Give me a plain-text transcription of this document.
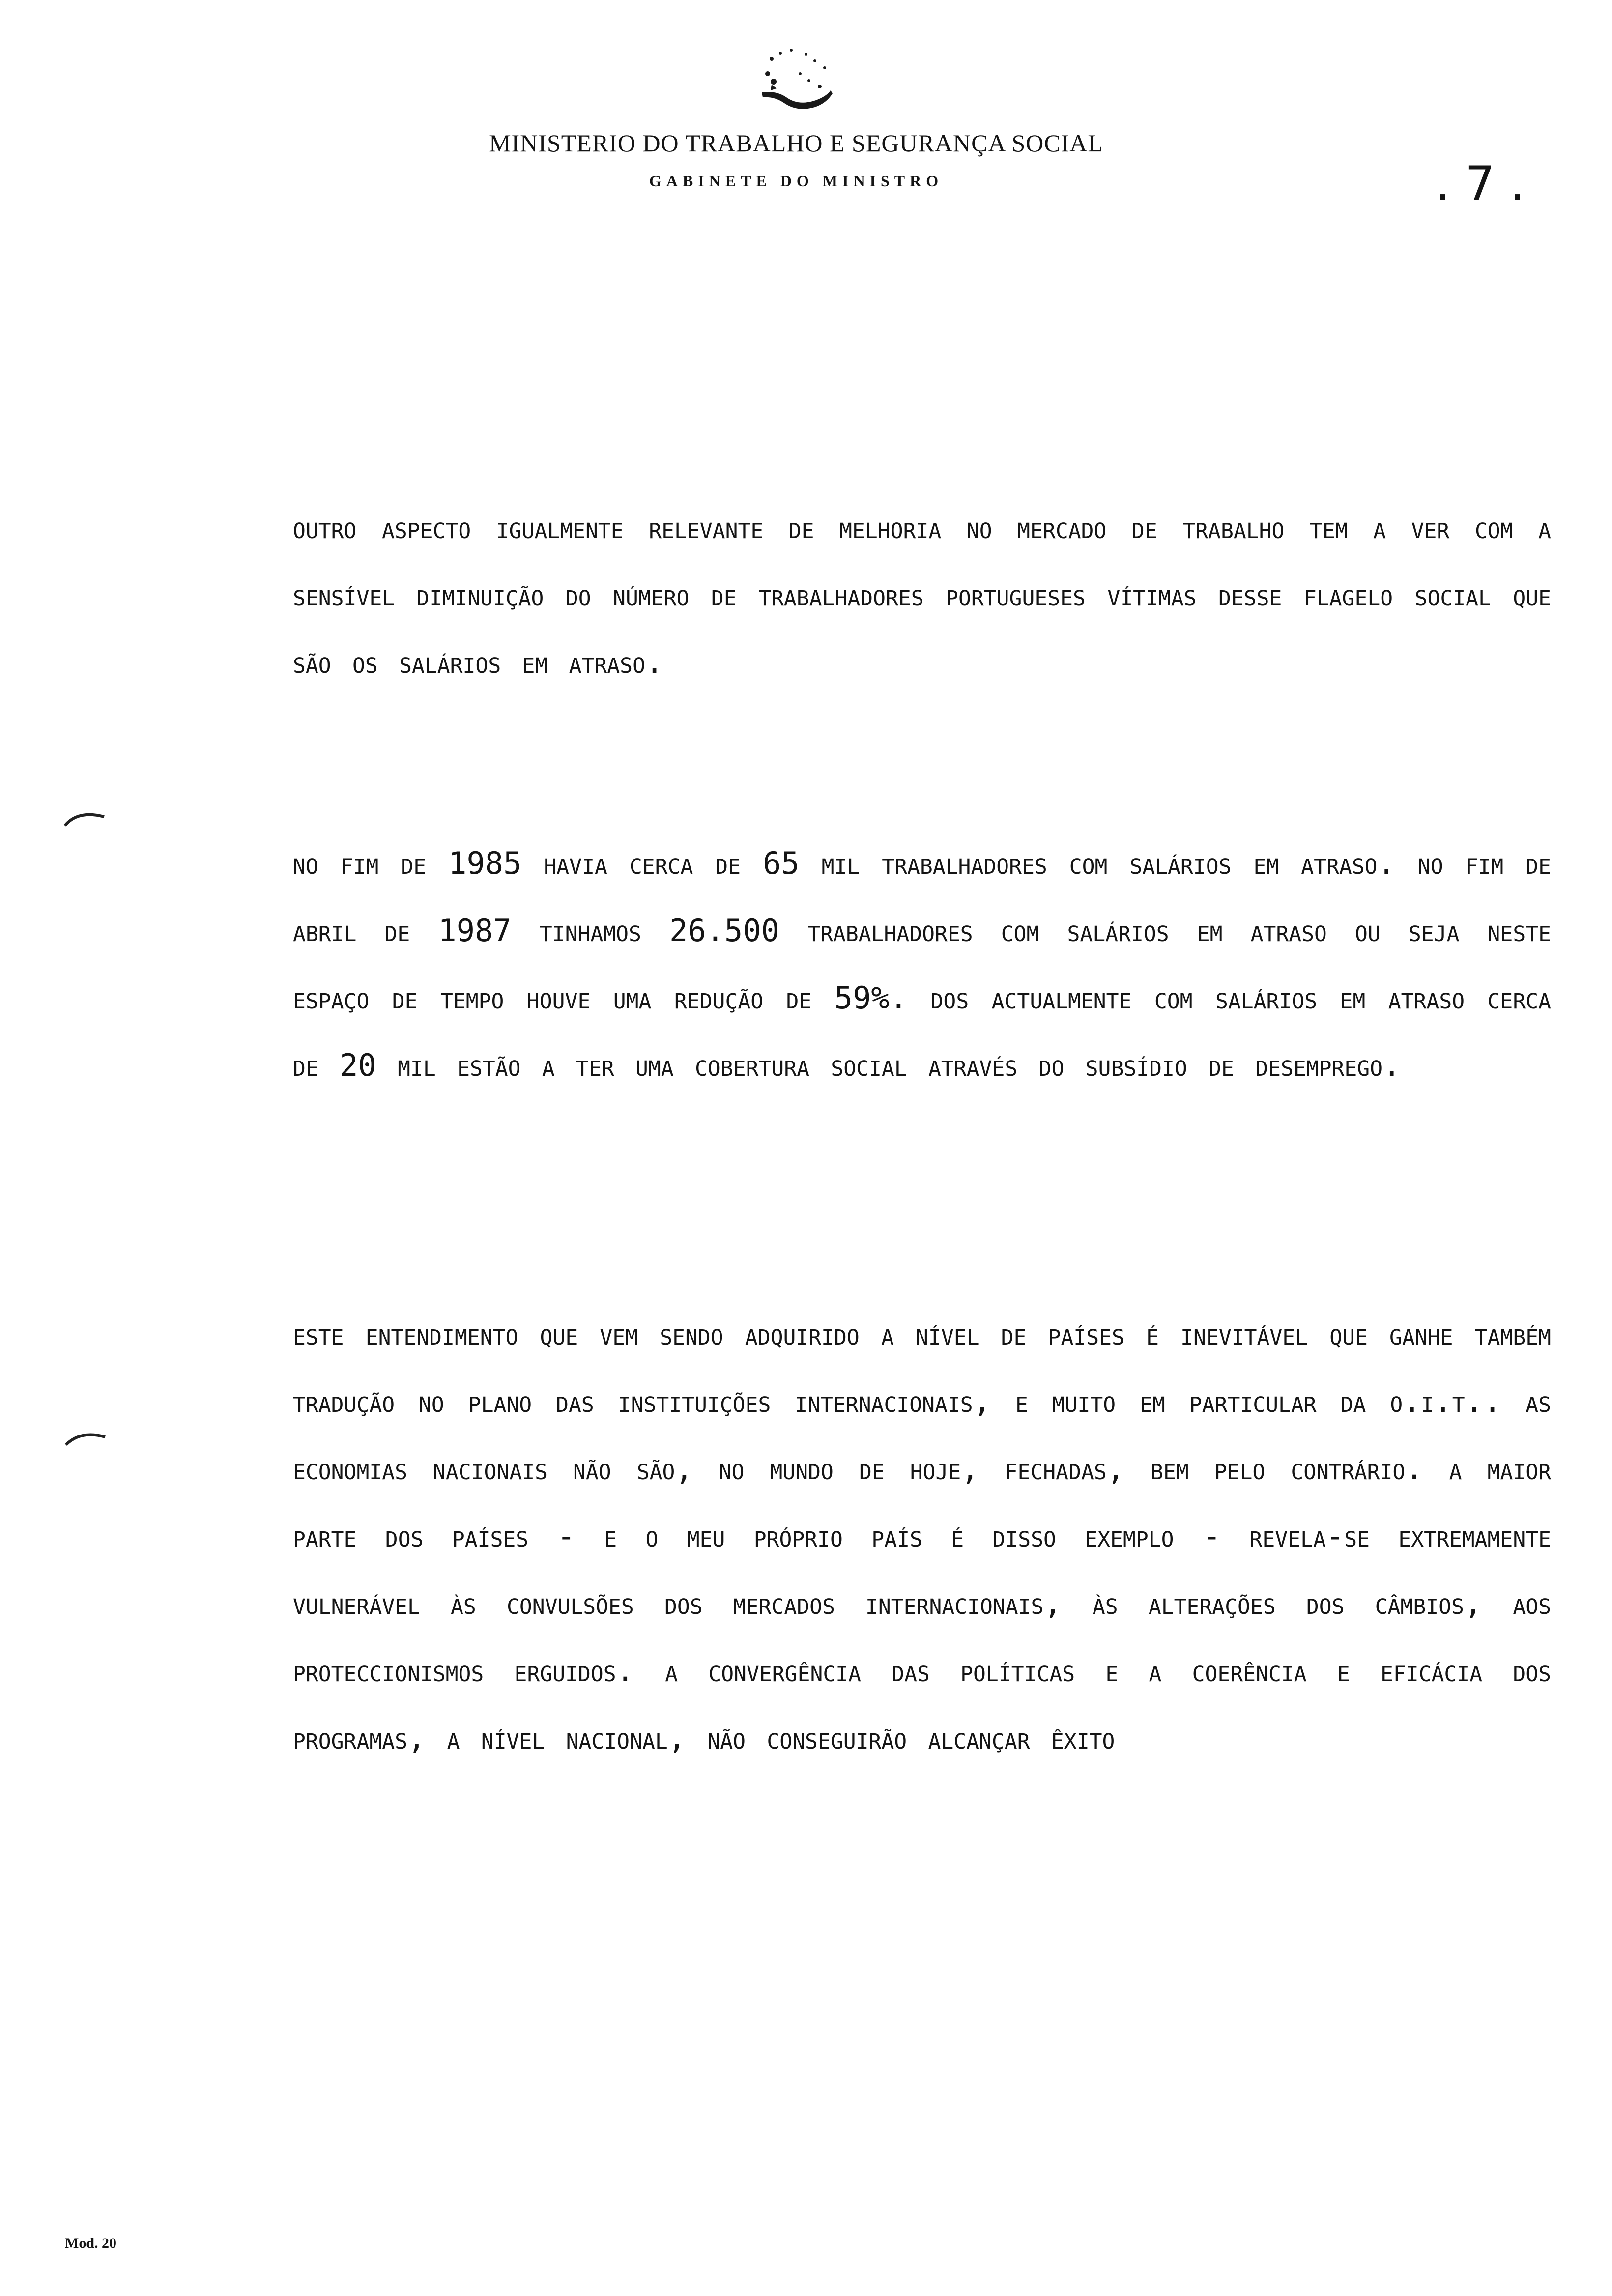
MINISTERIO DO TRABALHO E SEGURANÇA SOCIAL
GABINETE DO MINISTRO	. 7 .
outro aspecto igualmente relevante de melhoria no mercado de trabalho tem a ver com a sensível diminuição do número de trabalhadores portugueses vítimas desse flagelo social que são os salários em atraso.
no fim de 1985 havia cerca de 65 mil trabalhadores com salários em atraso. no fim de abril de 1987 tinhamos 26.500 trabalhadores com salários em atraso ou seja neste espaço de tempo houve uma redução de 59%. dos actualmente com salários em atraso cerca de 20 mil estão a ter uma cobertura social através do subsídio de desemprego.
este entendimento que vem sendo adquirido a nível de países é inevitável que ganhe também tradução no plano das instituições internacionais, e muito em particular da o.i.t.. as economias nacionais não são, no mundo de hoje, fechadas, bem pelo contrário. a maior parte dos países - e o meu próprio país é disso exemplo - revela-se extremamente vulnerável às convulsões dos mercados internacionais, às alterações dos câmbios, aos proteccionismos erguidos. a convergência das políticas e a coerência e eficácia dos programas, a nível nacional, não conseguirão alcançar êxito
Mod. 20
